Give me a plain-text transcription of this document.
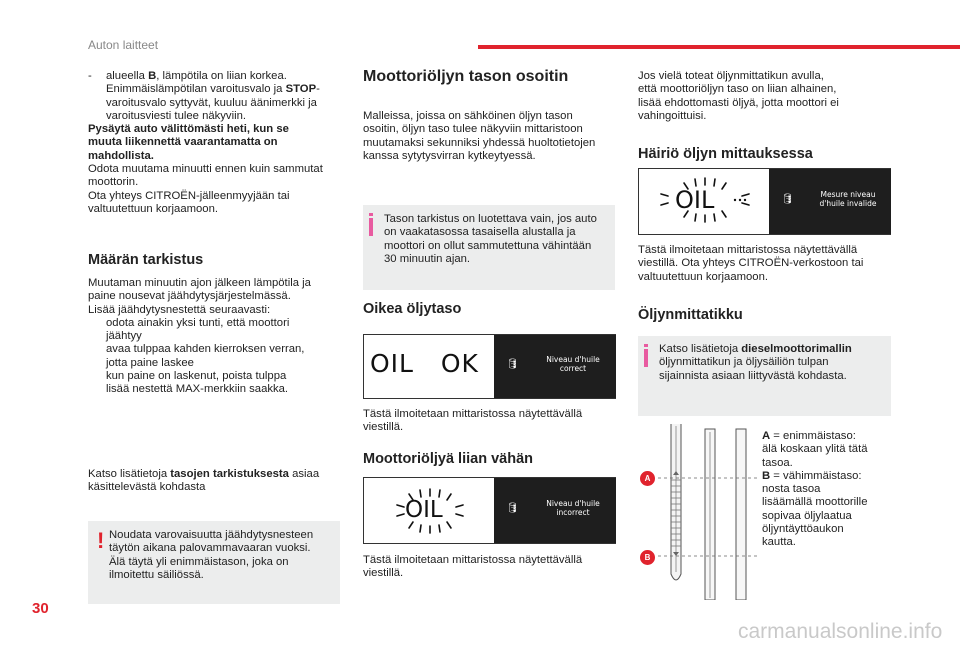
Auton laitteet
- alueella B, lämpötila on liian korkea.
Enimmäislämpötilan varoitusvalo ja STOP-
varoitusvalo syttyvät, kuuluu äänimerkki ja
varoitusviesti tulee näkyviin.
Pysäytä auto välittömästi heti, kun se
muuta liikennettä vaarantamatta on
mahdollista.
Odota muutama minuutti ennen kuin sammutat
moottorin.
Ota yhteys CITROËN-jälleenmyyjään tai
valtuutettuun korjaamoon.
Määrän tarkistus
Muutaman minuutin ajon jälkeen lämpötila ja
paine nousevat jäähdytysjärjestelmässä.
Lisää jäähdytysnestettä seuraavasti:
odota ainakin yksi tunti, että moottori
jäähtyy
avaa tulppaa kahden kierroksen verran,
jotta paine laskee
kun paine on laskenut, poista tulppa
lisää nestettä MAX-merkkiin saakka.
Katso lisätietoja tasojen tarkistuksesta asiaa
käsittelevästä kohdasta
! Noudata varovaisuutta jäähdytysnesteen
täytön aikana palovammavaaran vuoksi.
Älä täytä yli enimmäistason, joka on
ilmoitettu säiliössä.
Moottoriöljyn tason osoitin
Malleissa, joissa on sähköinen öljyn tason
osoitin, öljyn taso tulee näkyviin mittaristoon
muutamaksi sekunniksi yhdessä huoltotietojen
kanssa sytytysvirran kytkeytyessä.
Tason tarkistus on luotettava vain, jos auto
on vaakatasossa tasaisella alustalla ja
moottori on ollut sammutettuna vähintään
30 minuutin ajan.
Oikea öljytaso
OIL   OK	🛢	Niveau d'huile
correct
Tästä ilmoitetaan mittaristossa näytettävällä
viestillä.
Moottoriöljyä liian vähän
OIL	🛢	Niveau d'huile
incorrect
Tästä ilmoitetaan mittaristossa näytettävällä
viestillä.
Jos vielä toteat öljynmittatikun avulla,
että moottoriöljyn taso on liian alhainen,
lisää ehdottomasti öljyä, jotta moottori ei
vahingoittuisi.
Häiriö öljyn mittauksessa
OIL	🛢	Mesure niveau
d'huile invalide
Tästä ilmoitetaan mittaristossa näytettävällä
viestillä. Ota yhteys CITROËN-verkostoon tai
valtuutettuun korjaamoon.
Öljynmittatikku
Katso lisätietoja dieselmoottorimallin
öljynmittatikun ja öljysäiliön tulpan
sijainnista asiaan liittyvästä kohdasta.
A
B
A = enimmäistaso:
älä koskaan ylitä tätä
tasoa.
B = vähimmäistaso:
nosta tasoa
lisäämällä moottorille
sopivaa öljylaatua
öljyntäyttöaukon
kautta.
30
carmanualsonline.info
